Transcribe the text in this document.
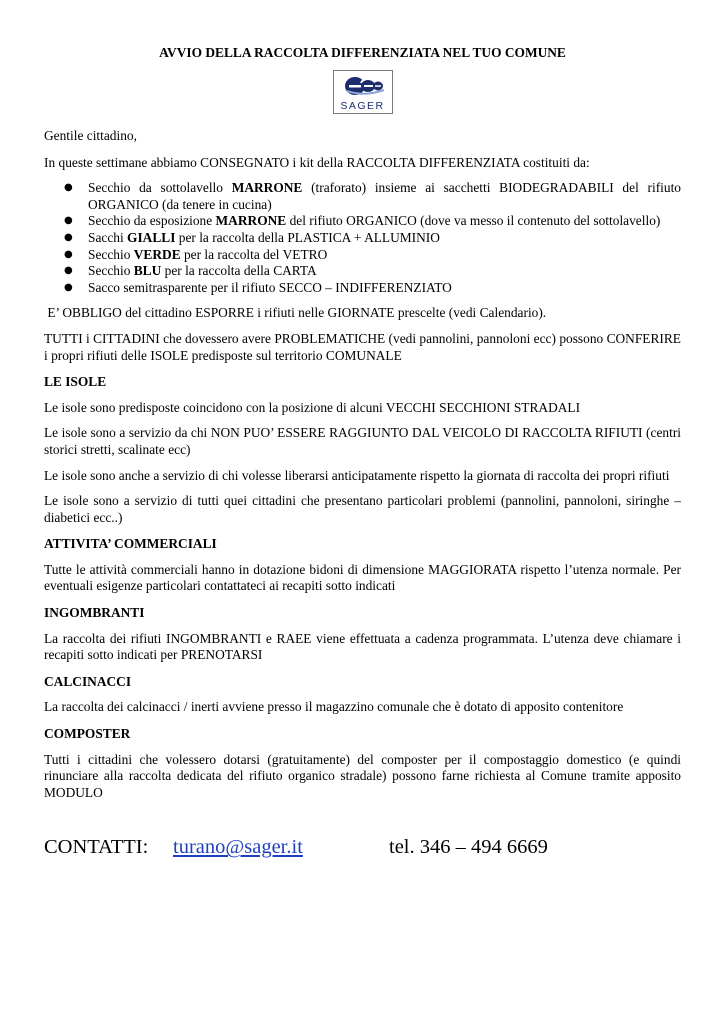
AVVIO DELLA RACCOLTA DIFFERENZIATA NEL TUO COMUNE
SAGER

Gentile cittadino,

In queste settimane abbiamo CONSEGNATO i kit della RACCOLTA DIFFERENZIATA costituiti da:

● Secchio da sottolavello MARRONE (traforato) insieme ai sacchetti BIODEGRADABILI del rifiuto ORGANICO (da tenere in cucina)
● Secchio da esposizione MARRONE del rifiuto ORGANICO (dove va messo il contenuto del sottolavello)
● Sacchi GIALLI per la raccolta della PLASTICA + ALLUMINIO
● Secchio VERDE per la raccolta del VETRO
● Secchio BLU per la raccolta della CARTA
● Sacco semitrasparente per il rifiuto SECCO – INDIFFERENZIATO

E’ OBBLIGO del cittadino ESPORRE i rifiuti nelle GIORNATE prescelte (vedi Calendario).

TUTTI i CITTADINI che dovessero avere PROBLEMATICHE (vedi pannolini, pannoloni ecc) possono CONFERIRE i propri rifiuti delle ISOLE predisposte sul territorio COMUNALE

LE ISOLE

Le isole sono predisposte coincidono con la posizione di alcuni VECCHI SECCHIONI STRADALI

Le isole sono a servizio da chi NON PUO’ ESSERE RAGGIUNTO DAL VEICOLO DI RACCOLTA RIFIUTI (centri storici stretti, scalinate ecc)

Le isole sono anche a servizio di chi volesse liberarsi anticipatamente rispetto la giornata di raccolta dei propri rifiuti

Le isole sono a servizio di tutti quei cittadini che presentano particolari problemi (pannolini, pannoloni, siringhe – diabetici ecc..)

ATTIVITA’ COMMERCIALI

Tutte le attività commerciali hanno in dotazione bidoni di dimensione MAGGIORATA rispetto l’utenza normale. Per eventuali esigenze particolari contattateci ai recapiti sotto indicati

INGOMBRANTI

La raccolta dei rifiuti INGOMBRANTI e RAEE viene effettuata a cadenza programmata. L’utenza deve chiamare i recapiti sotto indicati per PRENOTARSI

CALCINACCI

La raccolta dei calcinacci / inerti avviene presso il magazzino comunale che è dotato di apposito contenitore

COMPOSTER

Tutti i cittadini che volessero dotarsi (gratuitamente) del composter per il compostaggio domestico (e quindi rinunciare alla raccolta dedicata del rifiuto organico stradale) possono farne richiesta al Comune tramite apposito MODULO

CONTATTI: turano@sager.it	tel. 346 – 494 6669
